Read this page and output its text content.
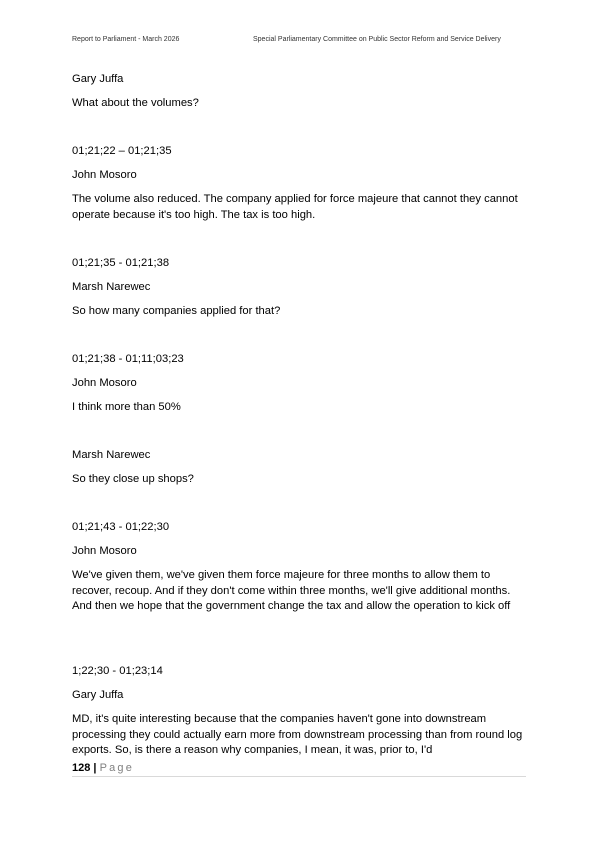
Report to Parliament - March 2026	Special Parliamentary Committee on Public Sector Reform and Service Delivery

Gary Juffa

What about the volumes?

01;21;22 – 01;21;35

John Mosoro

The volume also reduced. The company applied for force majeure that cannot they cannot operate because it's too high. The tax is too high.

01;21;35 - 01;21;38

Marsh Narewec

So how many companies applied for that?

01;21;38 - 01;11;03;23

John Mosoro

I think more than 50%

Marsh Narewec

So they close up shops?

01;21;43 - 01;22;30

John Mosoro

We've given them, we've given them force majeure for three months to allow them to recover, recoup. And if they don't come within three months, we'll give additional months. And then we hope that the government change the tax and allow the operation to kick off

1;22;30 - 01;23;14

Gary Juffa

MD, it's quite interesting because that the companies haven't gone into downstream processing they could actually earn more from downstream processing than from round log exports. So, is there a reason why companies, I mean, it was, prior to, I'd

128 | Page
